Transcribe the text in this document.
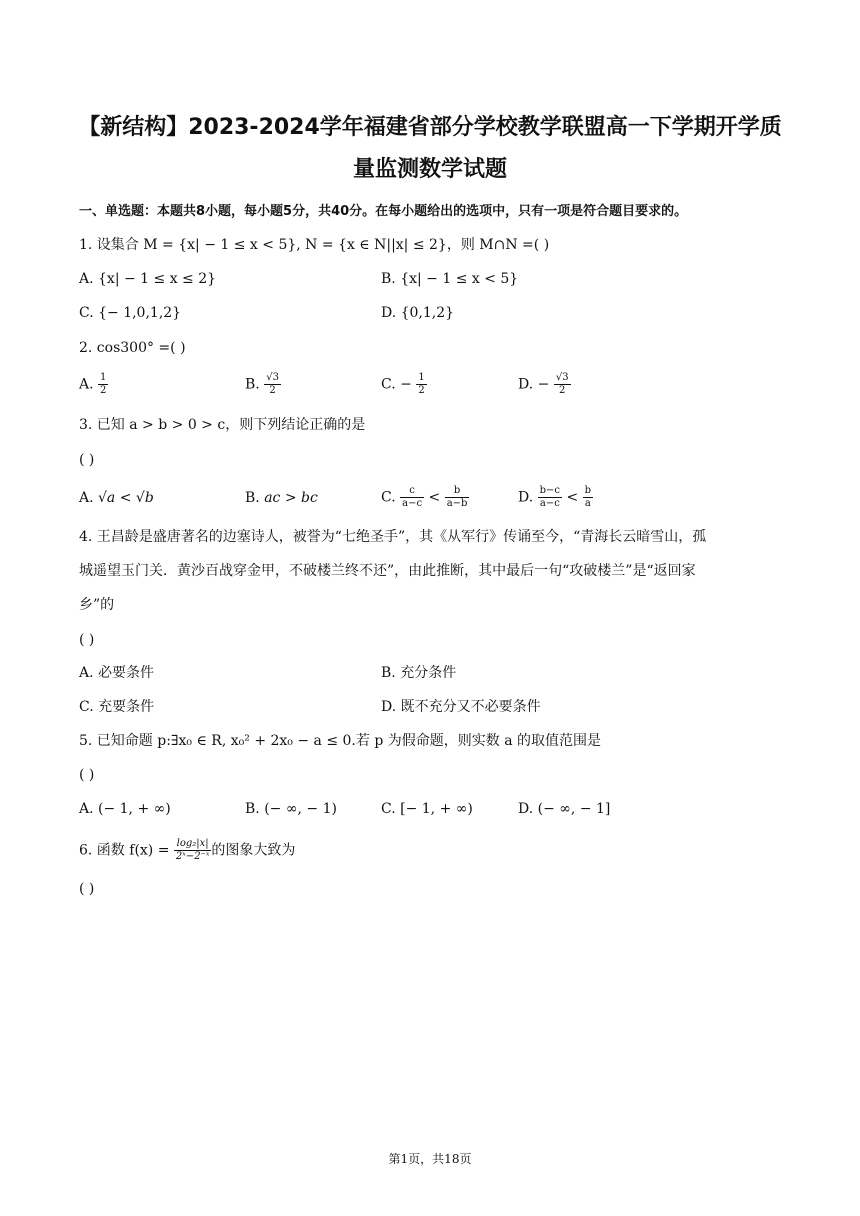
【新结构】2023-2024学年福建省部分学校教学联盟高一下学期开学质
量监测数学试题
一、单选题：本题共8小题，每小题5分，共40分。在每小题给出的选项中，只有一项是符合题目要求的。
1. 设集合 M = {x| − 1 ≤ x < 5}, N = {x ∈ N||x| ≤ 2}，则 M∩N =( )
A. {x| − 1 ≤ x ≤ 2}	B. {x| − 1 ≤ x < 5}
C. {− 1,0,1,2}	D. {0,1,2}
2. cos300° =( )
A. $\frac{1}{2}$	B. $\frac{√3}{2}$	C. − $\frac{1}{2}$	D. − $\frac{√3}{2}$
3. 已知 a > b > 0 > c，则下列结论正确的是
( )
A. √a < √b	B. ac > bc	C. $\frac{c}{a-c} < \frac{b}{a-b}$	D. $\frac{b-c}{a-c} < \frac{b}{a}$
4. 王昌龄是盛唐著名的边塞诗人，被誉为“七绝圣手”，其《从军行》传诵至今，“青海长云暗雪山，孤
城遥望玉门关．黄沙百战穿金甲，不破楼兰终不还”，由此推断，其中最后一句“攻破楼兰”是“返回家
乡”的
( )
A. 必要条件	B. 充分条件
C. 充要条件	D. 既不充分又不必要条件
5. 已知命题 p:∃x₀ ∈ R, x₀² + 2x₀ − a ≤ 0.若 p 为假命题，则实数 a 的取值范围是
( )
A. (− 1, + ∞)	B. (− ∞, − 1)	C. [− 1, + ∞)	D. (− ∞, − 1]
6. 函数 $f(x) = \frac{\text{log₂|x|}}{\text{2ˣ−2⁻ˣ}}$ 的图象大致为
( )
第1页，共18页
